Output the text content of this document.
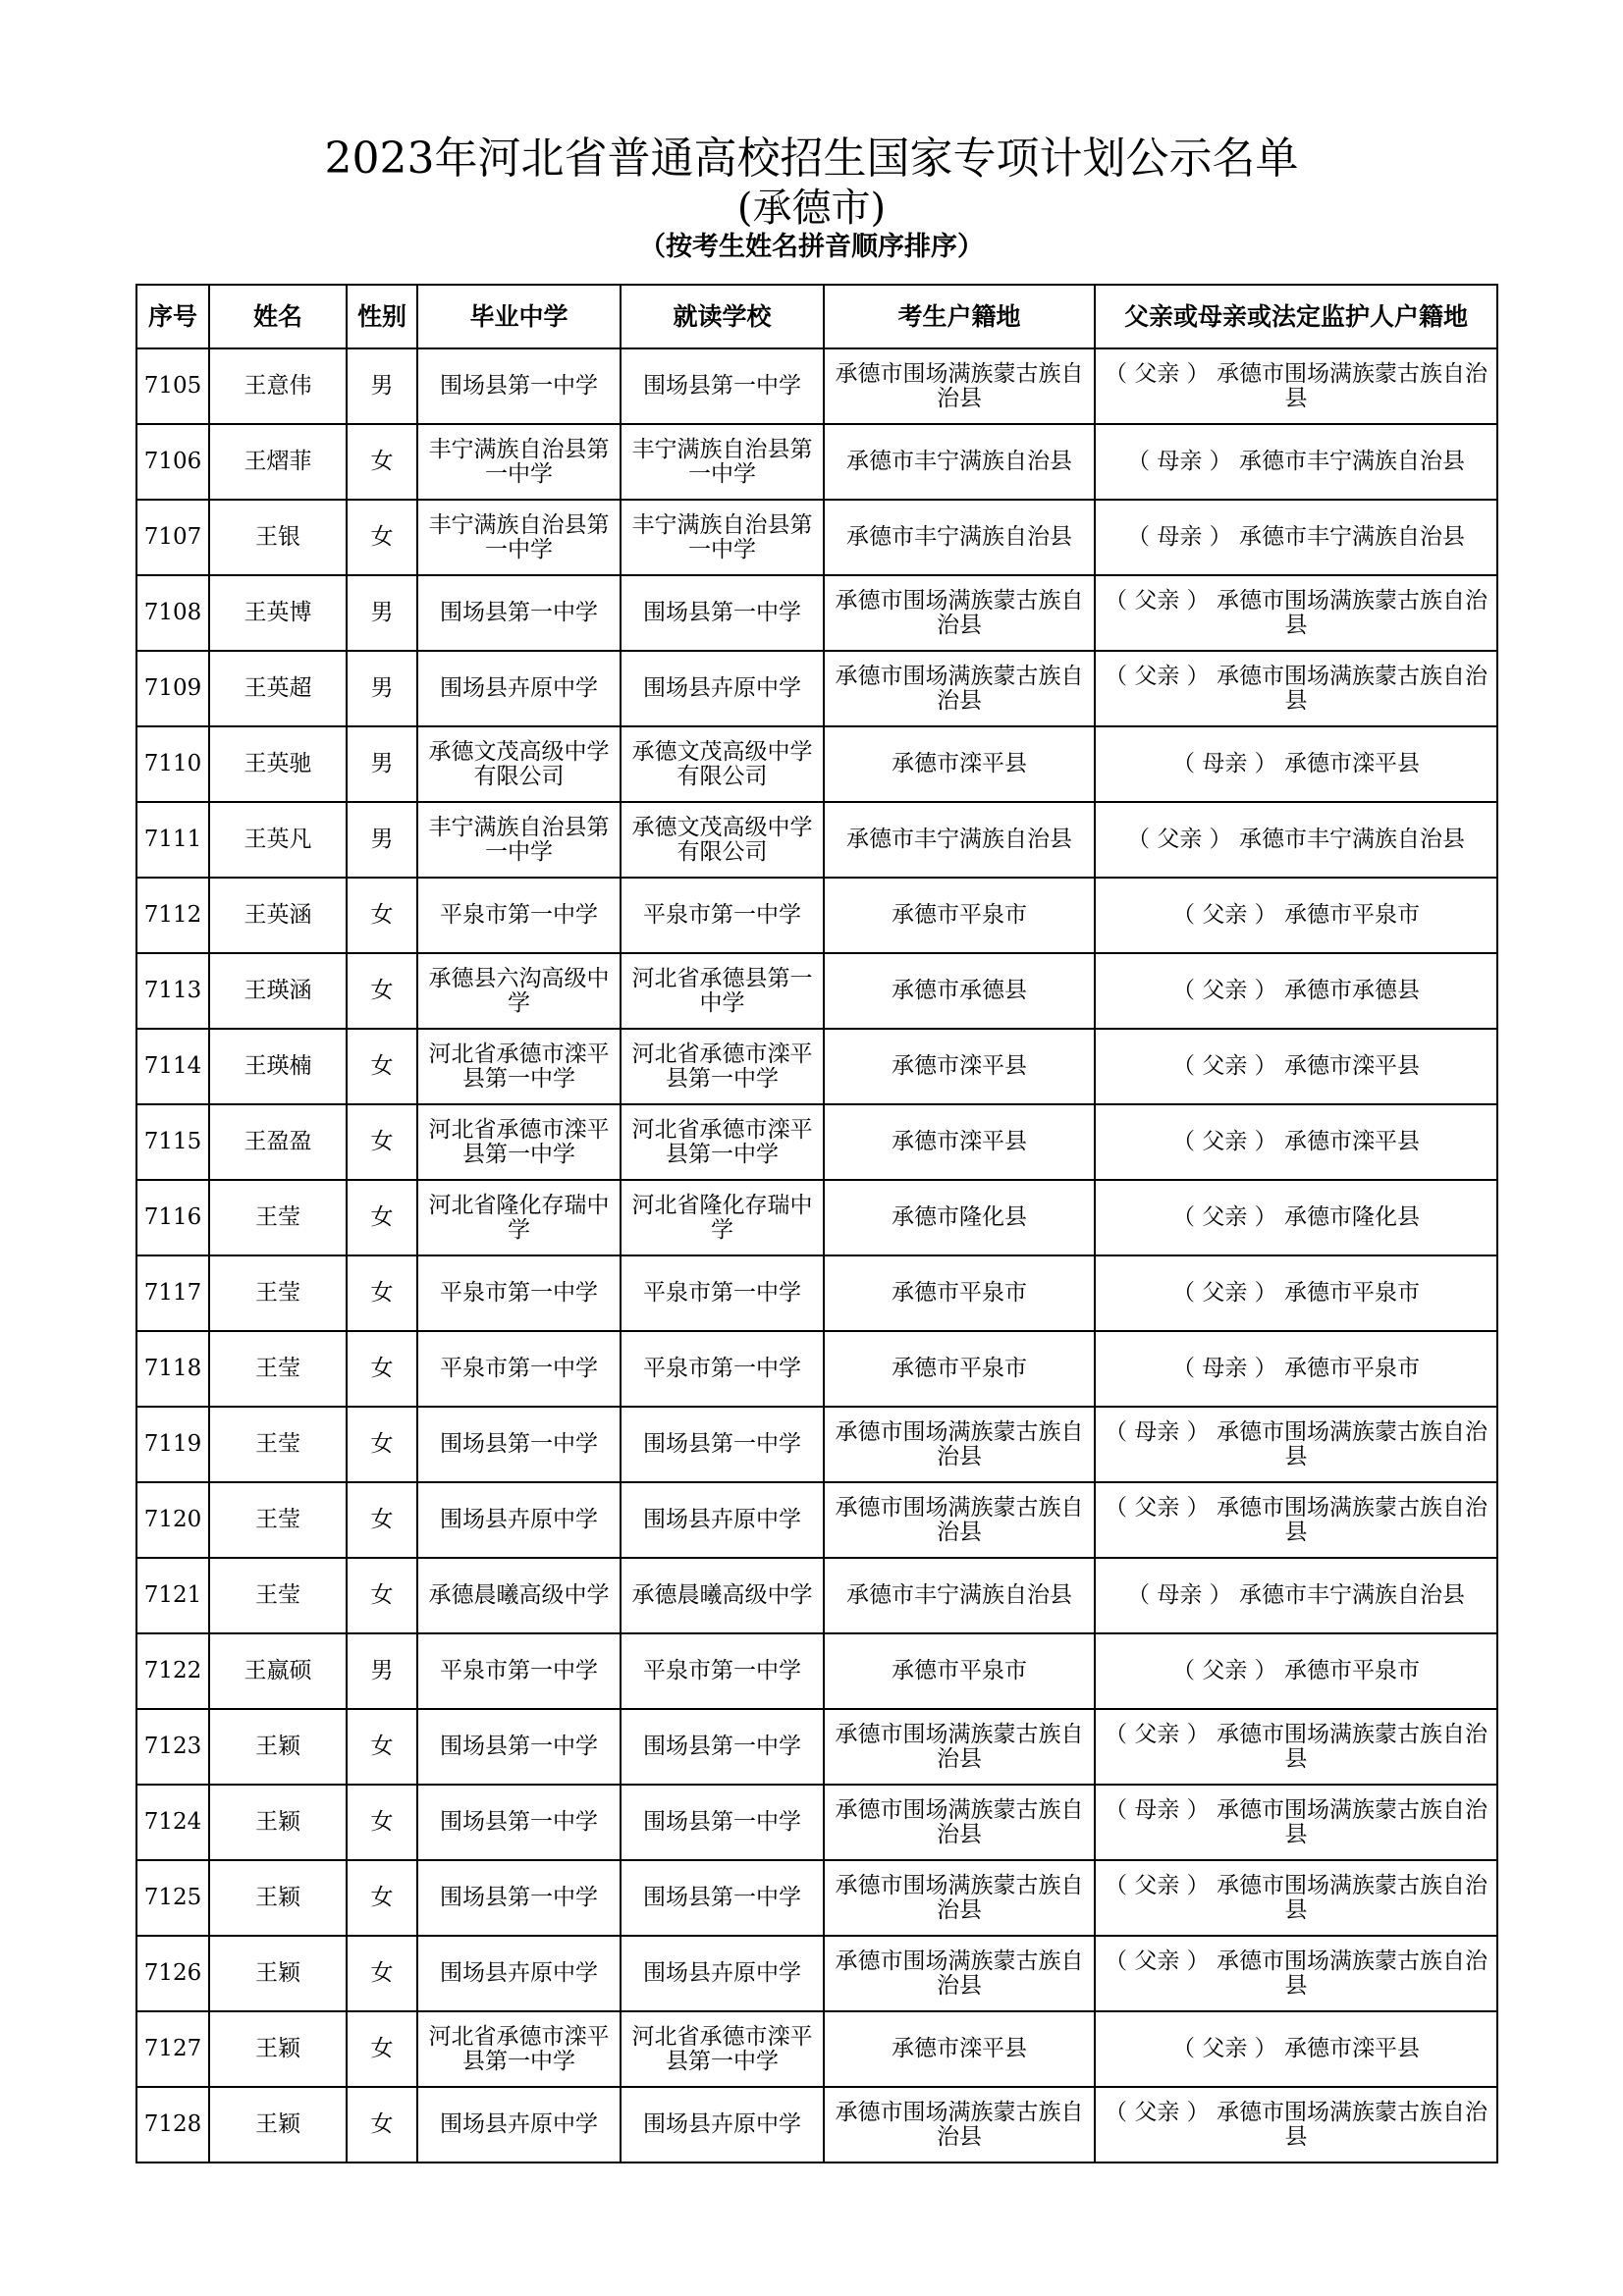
2023年河北省普通高校招生国家专项计划公示名单
(承德市)
（按考生姓名拼音顺序排序）
序号	姓名	性别	毕业中学	就读学校	考生户籍地	父亲或母亲或法定监护人户籍地
7105	王意伟	男	围场县第一中学	围场县第一中学	承德市围场满族蒙古族自治县	（ 父亲 ） 承德市围场满族蒙古族自治县
7106	王熠菲	女	丰宁满族自治县第一中学	丰宁满族自治县第一中学	承德市丰宁满族自治县	（ 母亲 ） 承德市丰宁满族自治县
7107	王银	女	丰宁满族自治县第一中学	丰宁满族自治县第一中学	承德市丰宁满族自治县	（ 母亲 ） 承德市丰宁满族自治县
7108	王英博	男	围场县第一中学	围场县第一中学	承德市围场满族蒙古族自治县	（ 父亲 ） 承德市围场满族蒙古族自治县
7109	王英超	男	围场县卉原中学	围场县卉原中学	承德市围场满族蒙古族自治县	（ 父亲 ） 承德市围场满族蒙古族自治县
7110	王英驰	男	承德文茂高级中学有限公司	承德文茂高级中学有限公司	承德市滦平县	（ 母亲 ） 承德市滦平县
7111	王英凡	男	丰宁满族自治县第一中学	承德文茂高级中学有限公司	承德市丰宁满族自治县	（ 父亲 ） 承德市丰宁满族自治县
7112	王英涵	女	平泉市第一中学	平泉市第一中学	承德市平泉市	（ 父亲 ） 承德市平泉市
7113	王瑛涵	女	承德县六沟高级中学	河北省承德县第一中学	承德市承德县	（ 父亲 ） 承德市承德县
7114	王瑛楠	女	河北省承德市滦平县第一中学	河北省承德市滦平县第一中学	承德市滦平县	（ 父亲 ） 承德市滦平县
7115	王盈盈	女	河北省承德市滦平县第一中学	河北省承德市滦平县第一中学	承德市滦平县	（ 父亲 ） 承德市滦平县
7116	王莹	女	河北省隆化存瑞中学	河北省隆化存瑞中学	承德市隆化县	（ 父亲 ） 承德市隆化县
7117	王莹	女	平泉市第一中学	平泉市第一中学	承德市平泉市	（ 父亲 ） 承德市平泉市
7118	王莹	女	平泉市第一中学	平泉市第一中学	承德市平泉市	（ 母亲 ） 承德市平泉市
7119	王莹	女	围场县第一中学	围场县第一中学	承德市围场满族蒙古族自治县	（ 母亲 ） 承德市围场满族蒙古族自治县
7120	王莹	女	围场县卉原中学	围场县卉原中学	承德市围场满族蒙古族自治县	（ 父亲 ） 承德市围场满族蒙古族自治县
7121	王莹	女	承德晨曦高级中学	承德晨曦高级中学	承德市丰宁满族自治县	（ 母亲 ） 承德市丰宁满族自治县
7122	王嬴硕	男	平泉市第一中学	平泉市第一中学	承德市平泉市	（ 父亲 ） 承德市平泉市
7123	王颖	女	围场县第一中学	围场县第一中学	承德市围场满族蒙古族自治县	（ 父亲 ） 承德市围场满族蒙古族自治县
7124	王颖	女	围场县第一中学	围场县第一中学	承德市围场满族蒙古族自治县	（ 母亲 ） 承德市围场满族蒙古族自治县
7125	王颖	女	围场县第一中学	围场县第一中学	承德市围场满族蒙古族自治县	（ 父亲 ） 承德市围场满族蒙古族自治县
7126	王颖	女	围场县卉原中学	围场县卉原中学	承德市围场满族蒙古族自治县	（ 父亲 ） 承德市围场满族蒙古族自治县
7127	王颖	女	河北省承德市滦平县第一中学	河北省承德市滦平县第一中学	承德市滦平县	（ 父亲 ） 承德市滦平县
7128	王颖	女	围场县卉原中学	围场县卉原中学	承德市围场满族蒙古族自治县	（ 父亲 ） 承德市围场满族蒙古族自治县
